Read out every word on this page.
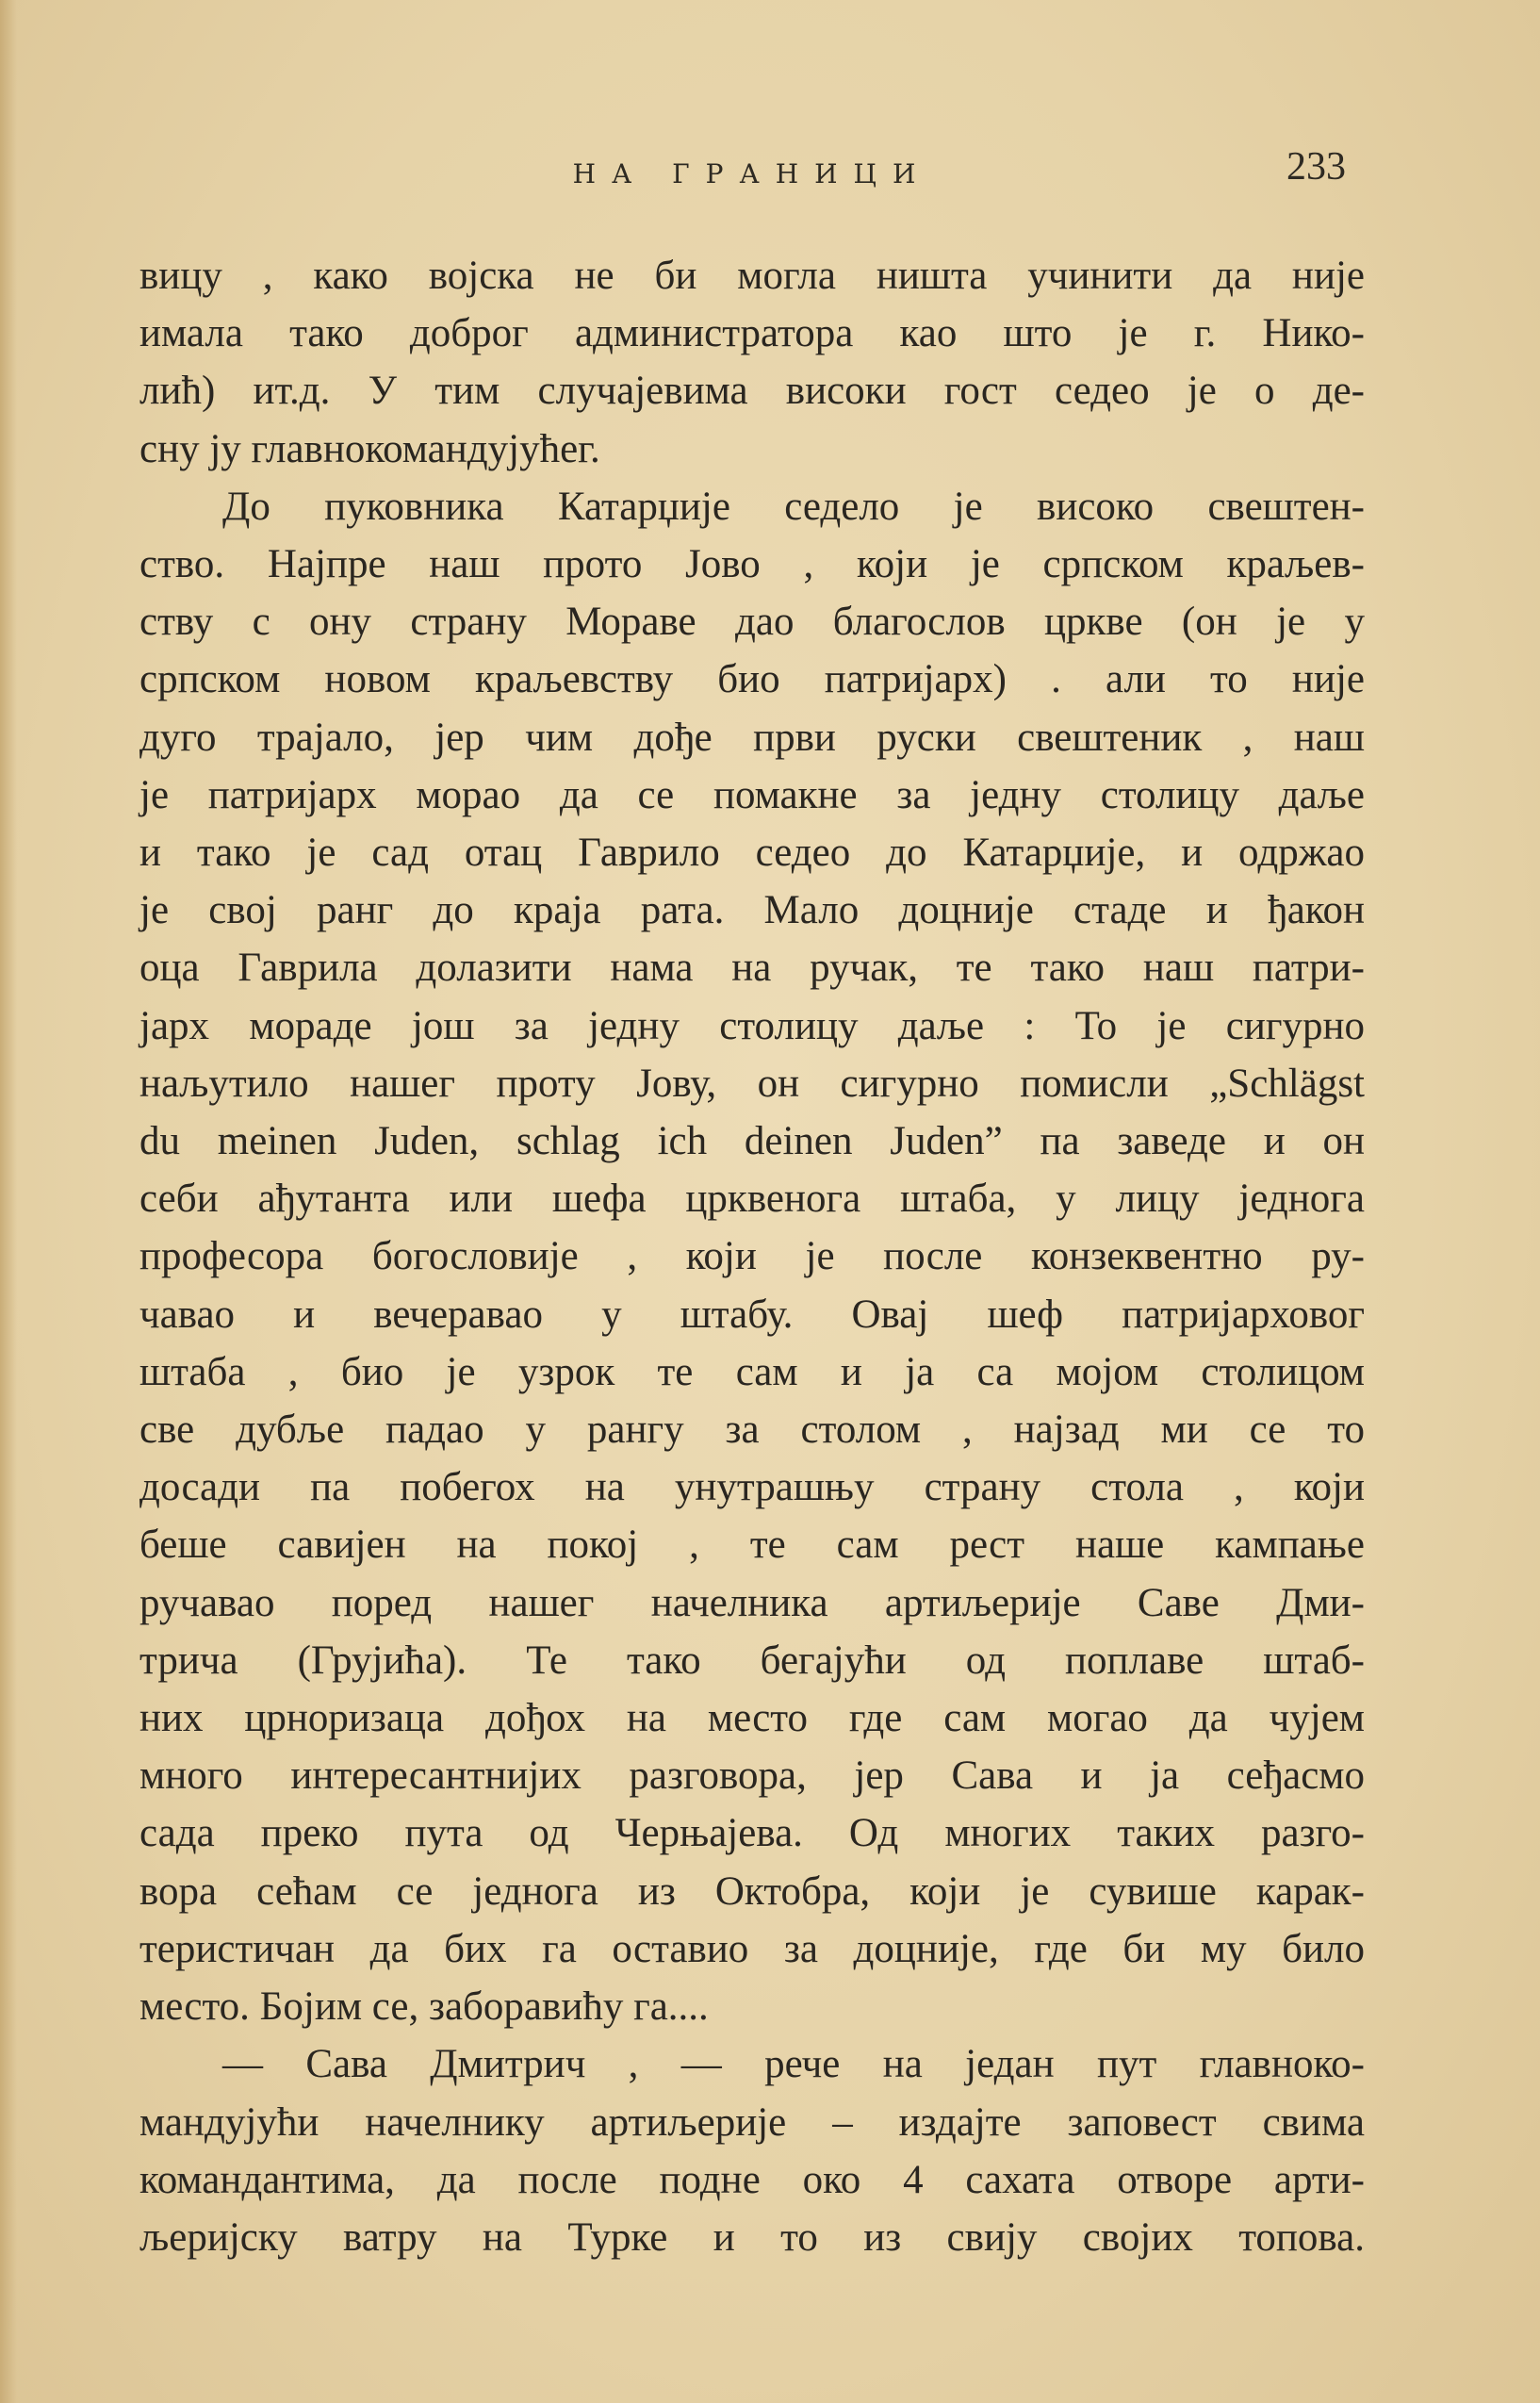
НА ГРАНИЦИ	233
вицу , како војска не би могла ништа учинити да није
имала тако доброг администратора као што је г. Нико-
лић) ит.д. У тим случајевима високи гост седео је о де-
сну ју главнокомандујућег.
До пуковника Катарџије седело је високо свештен-
ство. Најпре наш прото Јово , који је српском краљев-
ству с ону страну Мораве дао благослов цркве (он је у
српском новом краљевству био патријарх) . али то није
дуго трајало, јер чим дође први руски свештеник , наш
је патријарх морао да се помакне за једну столицу даље
и тако је сад отац Гаврило седео до Катарџије, и одржао
је свој ранг до краја рата. Мало доцније стаде и ђакон
оца Гаврила долазити нама на ручак, те тако наш патри-
јарх мораде још за једну столицу даље : То је сигурно
наљутило нашег проту Јову, он сигурно помисли „Schlägst
du meinen Juden, schlag ich deinen Juden” па заведе и он
себи ађутанта или шефа црквенога штаба, у лицу једнога
професора богословије , који је после конзеквентно ру-
чавао и вечеравао у штабу. Овај шеф патријарховог
штаба , био је узрок те сам и ја са мојом столицом
све дубље падао у рангу за столом , најзад ми се то
досади па побегох на унутрашњу страну стола , који
беше савијен на покој , те сам рест наше кампање
ручавао поред нашег начелника артиљерије Саве Дми-
трича (Грујића). Те тако бегајући од поплаве штаб-
них црноризаца дођох на место где сам могао да чујем
много интересантнијих разговора, јер Сава и ја сеђасмо
сада преко пута од Черњајева. Од многих таких разго-
вора сећам се једнога из Октобра, који је сувише карак-
теристичан да бих га оставио за доцније, где би му било
место. Бојим се, заборавићу га....
— Сава Дмитрич , — рече на један пут главноко-
мандујући начелнику артиљерије – издајте заповест свима
командантима, да после подне око 4 сахата отворе арти-
љеријску ватру на Турке и то из свију својих топова.
